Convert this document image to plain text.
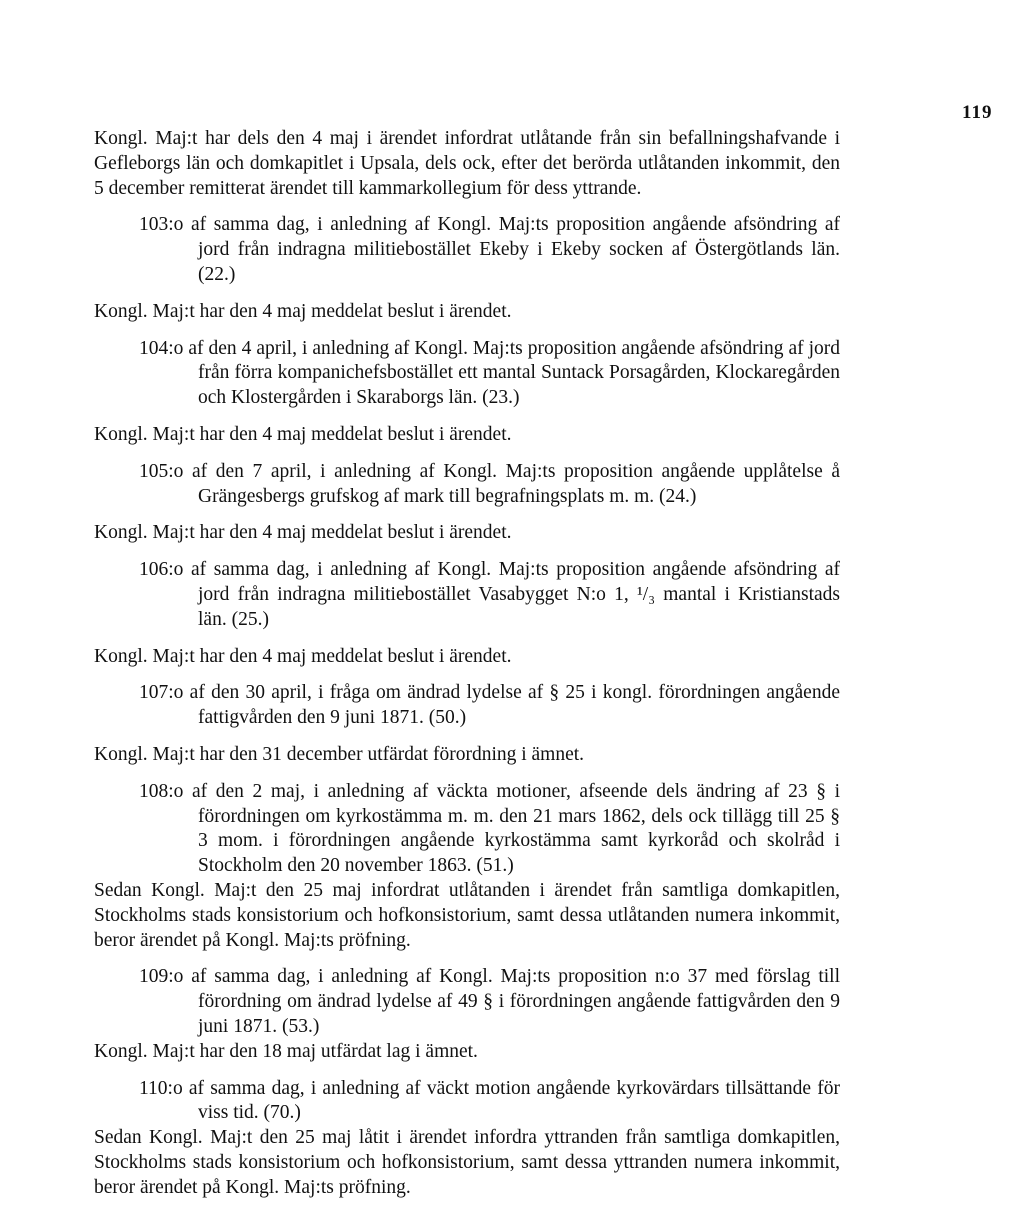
119

Kongl. Maj:t har dels den 4 maj i ärendet infordrat utlåtande från sin befallningshafvande i Gefleborgs län och domkapitlet i Upsala, dels ock, efter det berörda utlåtanden inkommit, den 5 december remitterat ärendet till kammarkollegium för dess yttrande.

103:o af samma dag, i anledning af Kongl. Maj:ts proposition angående afsöndring af jord från indragna militiebostället Ekeby i Ekeby socken af Östergötlands län. (22.)

Kongl. Maj:t har den 4 maj meddelat beslut i ärendet.

104:o af den 4 april, i anledning af Kongl. Maj:ts proposition angående afsöndring af jord från förra kompanichefsbostället ett mantal Suntack Porsagården, Klockaregården och Klostergården i Skaraborgs län. (23.)

Kongl. Maj:t har den 4 maj meddelat beslut i ärendet.

105:o af den 7 april, i anledning af Kongl. Maj:ts proposition angående upplåtelse å Grängesbergs grufskog af mark till begrafningsplats m. m. (24.)

Kongl. Maj:t har den 4 maj meddelat beslut i ärendet.

106:o af samma dag, i anledning af Kongl. Maj:ts proposition angående afsöndring af jord från indragna militiebostället Vasabygget N:o 1, ¹/₃ mantal i Kristianstads län. (25.)

Kongl. Maj:t har den 4 maj meddelat beslut i ärendet.

107:o af den 30 april, i fråga om ändrad lydelse af § 25 i kongl. förordningen angående fattigvården den 9 juni 1871. (50.)

Kongl. Maj:t har den 31 december utfärdat förordning i ämnet.

108:o af den 2 maj, i anledning af väckta motioner, afseende dels ändring af 23 § i förordningen om kyrkostämma m. m. den 21 mars 1862, dels ock tillägg till 25 § 3 mom. i förordningen angående kyrkostämma samt kyrkoråd och skolråd i Stockholm den 20 november 1863. (51.)

Sedan Kongl. Maj:t den 25 maj infordrat utlåtanden i ärendet från samtliga domkapitlen, Stockholms stads konsistorium och hofkonsistorium, samt dessa utlåtanden numera inkommit, beror ärendet på Kongl. Maj:ts pröfning.

109:o af samma dag, i anledning af Kongl. Maj:ts proposition n:o 37 med förslag till förordning om ändrad lydelse af 49 § i förordningen angående fattigvården den 9 juni 1871. (53.)

Kongl. Maj:t har den 18 maj utfärdat lag i ämnet.

110:o af samma dag, i anledning af väckt motion angående kyrkovärdars tillsättande för viss tid. (70.)

Sedan Kongl. Maj:t den 25 maj låtit i ärendet infordra yttranden från samtliga domkapitlen, Stockholms stads konsistorium och hofkonsistorium, samt dessa yttranden numera inkommit, beror ärendet på Kongl. Maj:ts pröfning.
